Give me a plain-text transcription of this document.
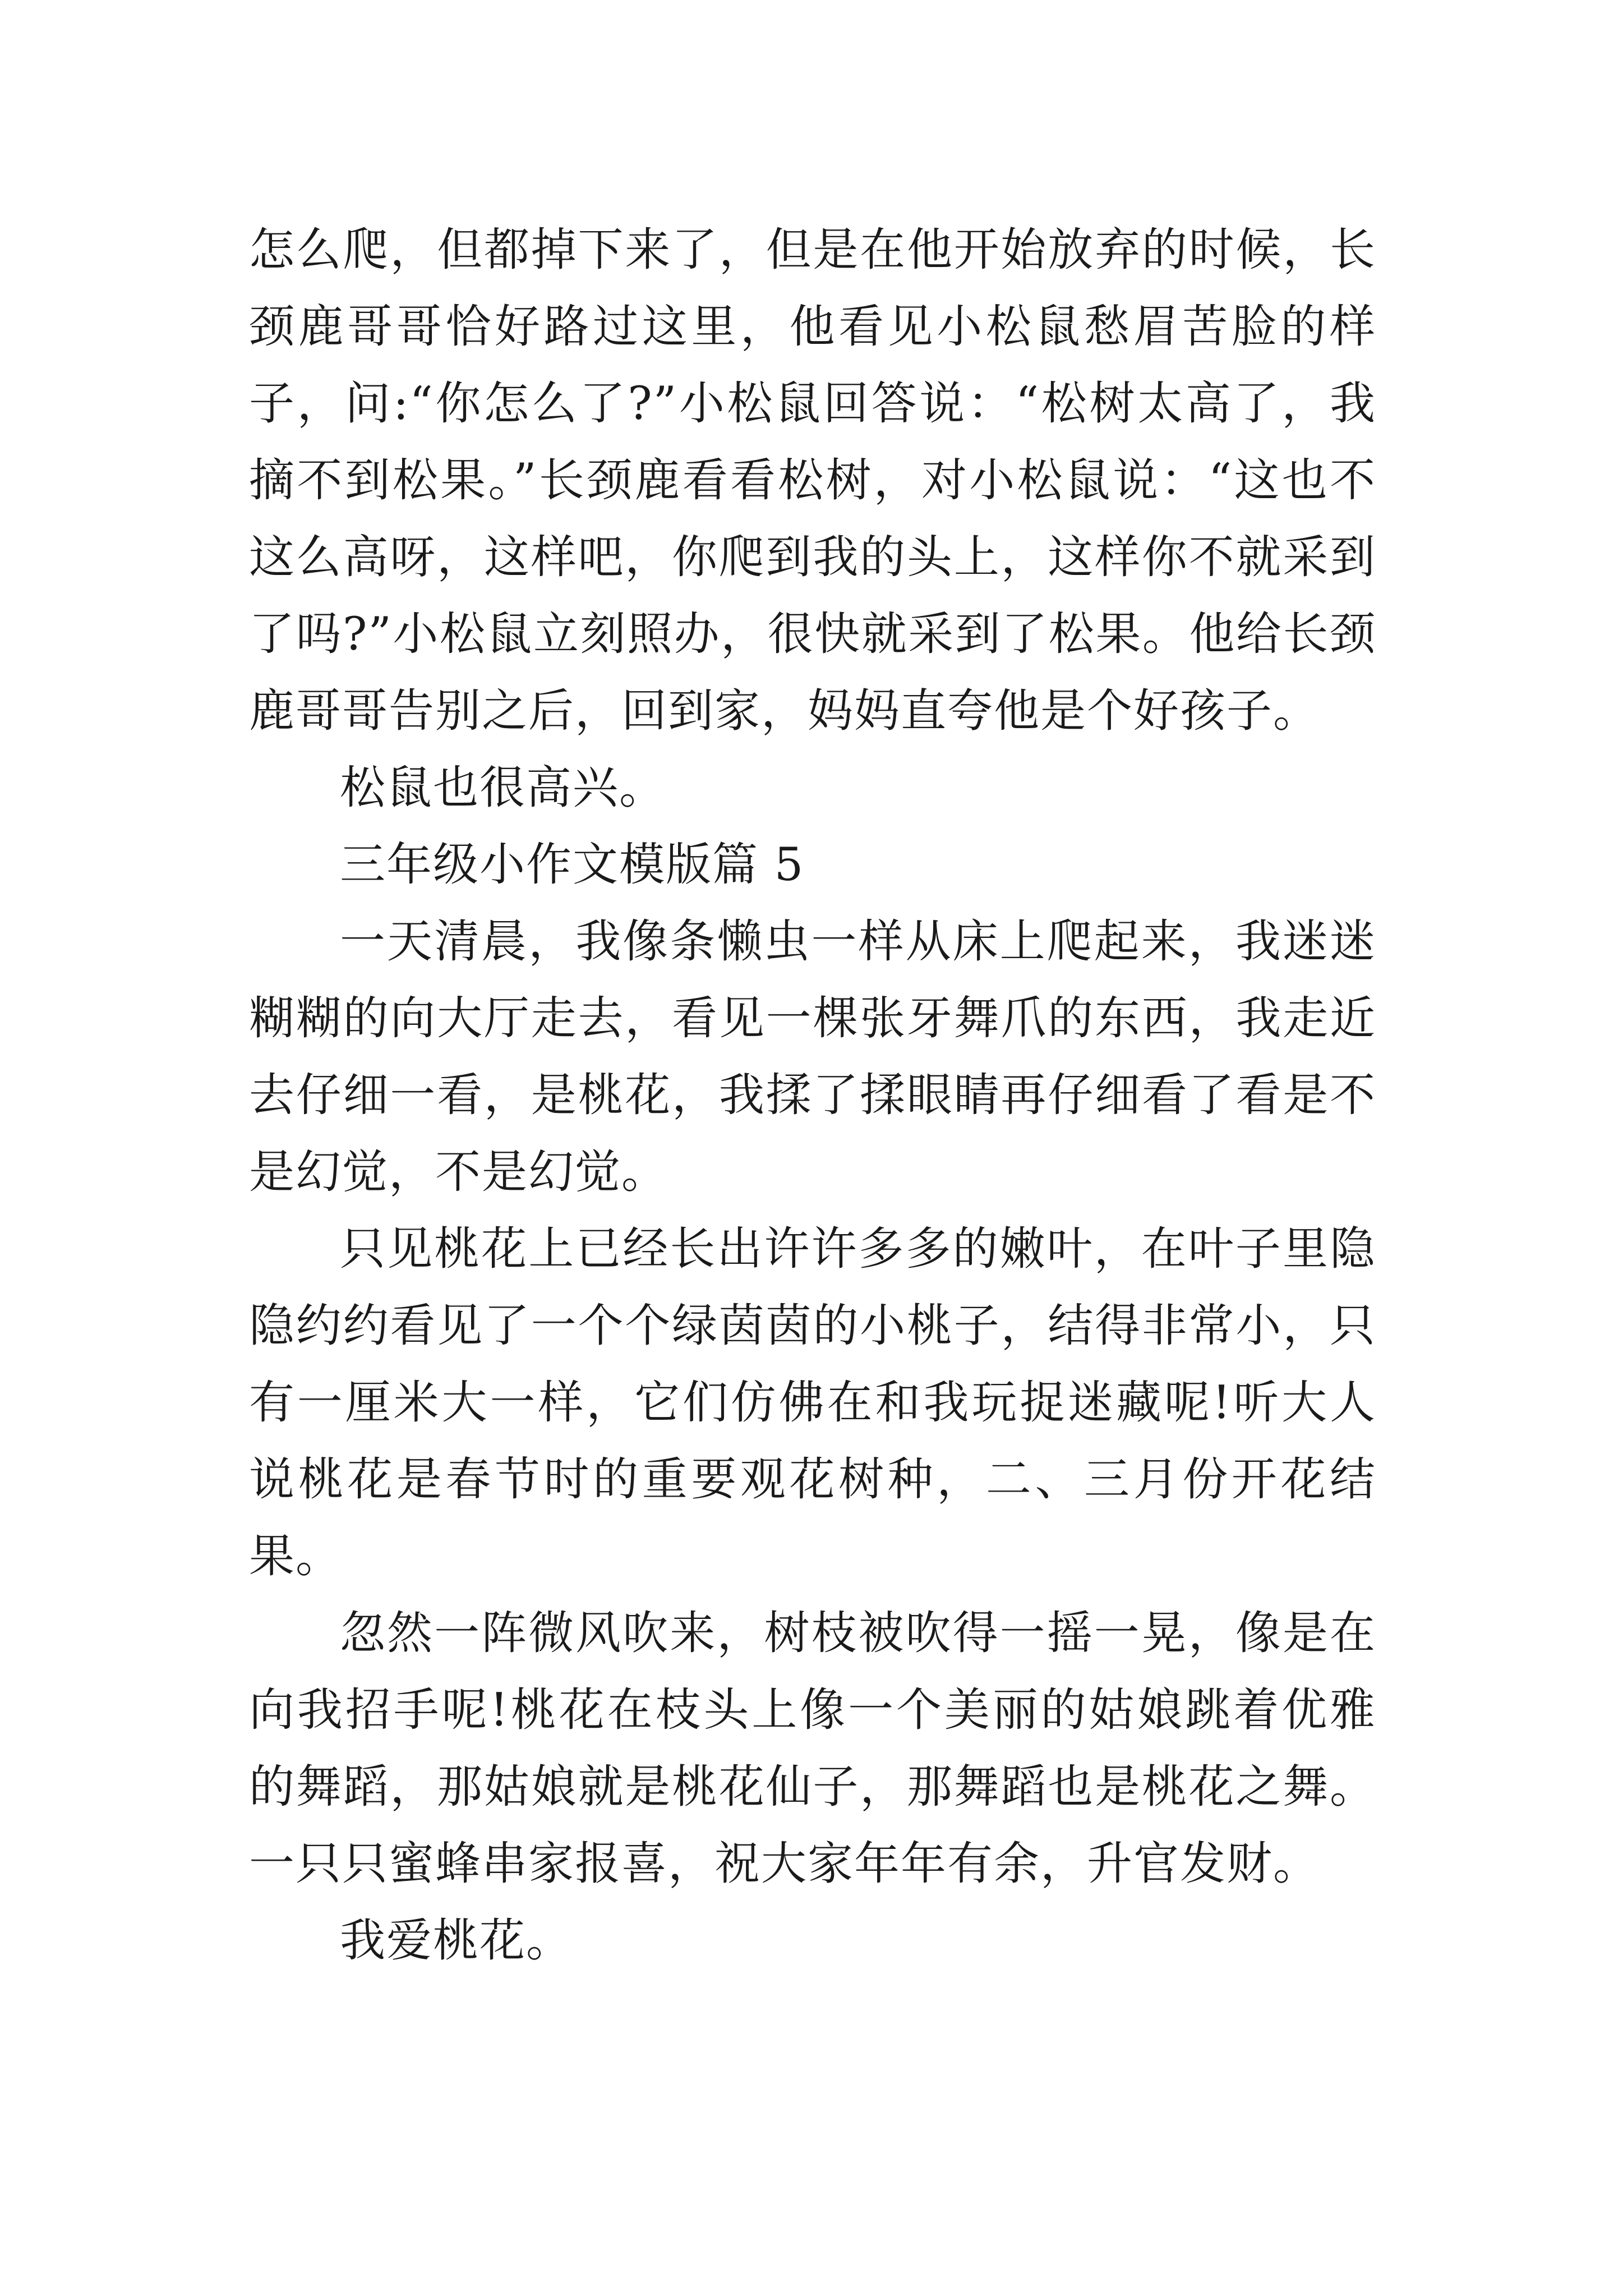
怎么爬，但都掉下来了，但是在他开始放弃的时候，长颈鹿哥哥恰好路过这里，他看见小松鼠愁眉苦脸的样子，问:“你怎么了?”小松鼠回答说：“松树太高了，我摘不到松果。”长颈鹿看看松树，对小松鼠说：“这也不这么高呀，这样吧，你爬到我的头上，这样你不就采到了吗?”小松鼠立刻照办，很快就采到了松果。他给长颈鹿哥哥告别之后，回到家，妈妈直夸他是个好孩子。

松鼠也很高兴。

三年级小作文模版篇 5

一天清晨，我像条懒虫一样从床上爬起来，我迷迷糊糊的向大厅走去，看见一棵张牙舞爪的东西，我走近去仔细一看，是桃花，我揉了揉眼睛再仔细看了看是不是幻觉，不是幻觉。

只见桃花上已经长出许许多多的嫩叶，在叶子里隐隐约约看见了一个个绿茵茵的小桃子，结得非常小，只有一厘米大一样，它们仿佛在和我玩捉迷藏呢!听大人说桃花是春节时的重要观花树种，二、三月份开花结果。

忽然一阵微风吹来，树枝被吹得一摇一晃，像是在向我招手呢!桃花在枝头上像一个美丽的姑娘跳着优雅的舞蹈，那姑娘就是桃花仙子，那舞蹈也是桃花之舞。一只只蜜蜂串家报喜，祝大家年年有余，升官发财。

我爱桃花。
